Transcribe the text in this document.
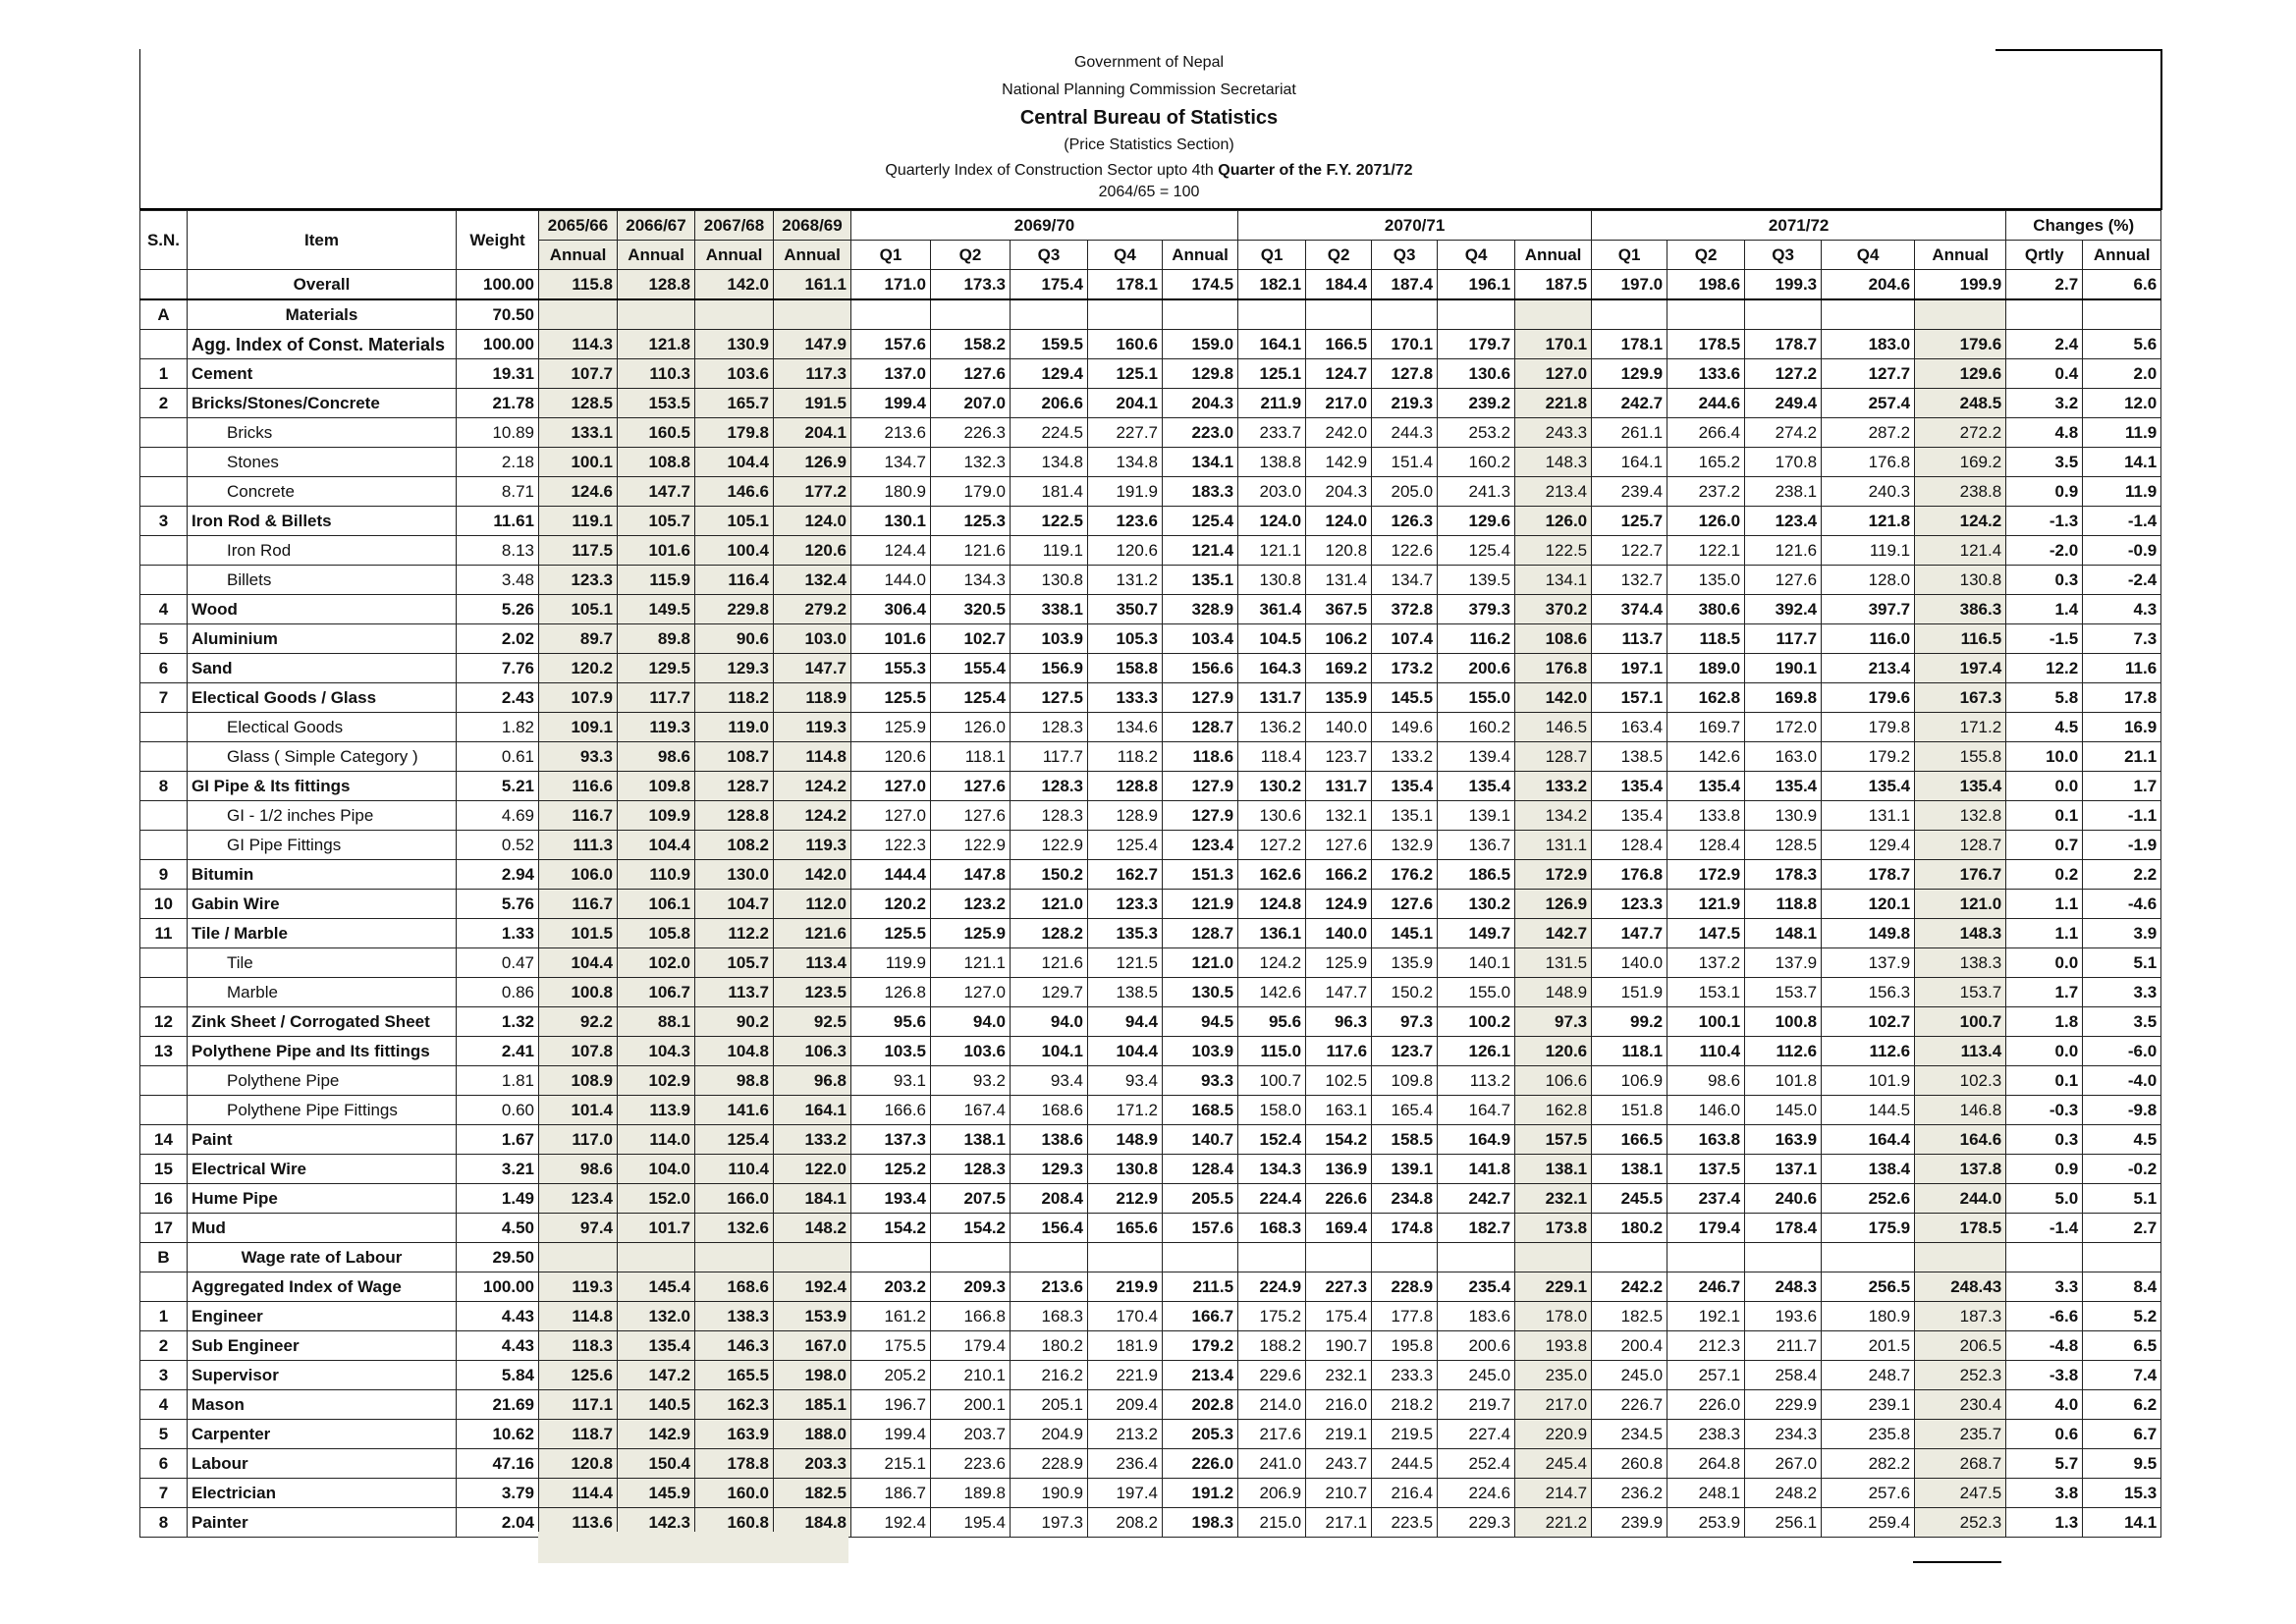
Government of Nepal
National Planning Commission Secretariat
Central Bureau of Statistics
(Price Statistics Section)
Quarterly Index of Construction Sector upto 4th Quarter of the F.Y. 2071/72
2064/65 = 100
S.N.	Item	Weight	2065/66	2066/67	2067/68	2068/69	2069/70					2070/71					2071/72					Changes (%)	
			Annual	Annual	Annual	Annual	Q1	Q2	Q3	Q4	Annual	Q1	Q2	Q3	Q4	Annual	Q1	Q2	Q3	Q4	Annual	Qrtly	Annual
	Overall	100.00	115.8	128.8	142.0	161.1	171.0	173.3	175.4	178.1	174.5	182.1	184.4	187.4	196.1	187.5	197.0	198.6	199.3	204.6	199.9	2.7	6.6
A	Materials	70.50																					
	Agg. Index of Const. Materials	100.00	114.3	121.8	130.9	147.9	157.6	158.2	159.5	160.6	159.0	164.1	166.5	170.1	179.7	170.1	178.1	178.5	178.7	183.0	179.6	2.4	5.6
1	Cement	19.31	107.7	110.3	103.6	117.3	137.0	127.6	129.4	125.1	129.8	125.1	124.7	127.8	130.6	127.0	129.9	133.6	127.2	127.7	129.6	0.4	2.0
2	Bricks/Stones/Concrete	21.78	128.5	153.5	165.7	191.5	199.4	207.0	206.6	204.1	204.3	211.9	217.0	219.3	239.2	221.8	242.7	244.6	249.4	257.4	248.5	3.2	12.0
	Bricks	10.89	133.1	160.5	179.8	204.1	213.6	226.3	224.5	227.7	223.0	233.7	242.0	244.3	253.2	243.3	261.1	266.4	274.2	287.2	272.2	4.8	11.9
	Stones	2.18	100.1	108.8	104.4	126.9	134.7	132.3	134.8	134.8	134.1	138.8	142.9	151.4	160.2	148.3	164.1	165.2	170.8	176.8	169.2	3.5	14.1
	Concrete	8.71	124.6	147.7	146.6	177.2	180.9	179.0	181.4	191.9	183.3	203.0	204.3	205.0	241.3	213.4	239.4	237.2	238.1	240.3	238.8	0.9	11.9
3	Iron Rod & Billets	11.61	119.1	105.7	105.1	124.0	130.1	125.3	122.5	123.6	125.4	124.0	124.0	126.3	129.6	126.0	125.7	126.0	123.4	121.8	124.2	-1.3	-1.4
	Iron Rod	8.13	117.5	101.6	100.4	120.6	124.4	121.6	119.1	120.6	121.4	121.1	120.8	122.6	125.4	122.5	122.7	122.1	121.6	119.1	121.4	-2.0	-0.9
	Billets	3.48	123.3	115.9	116.4	132.4	144.0	134.3	130.8	131.2	135.1	130.8	131.4	134.7	139.5	134.1	132.7	135.0	127.6	128.0	130.8	0.3	-2.4
4	Wood	5.26	105.1	149.5	229.8	279.2	306.4	320.5	338.1	350.7	328.9	361.4	367.5	372.8	379.3	370.2	374.4	380.6	392.4	397.7	386.3	1.4	4.3
5	Aluminium	2.02	89.7	89.8	90.6	103.0	101.6	102.7	103.9	105.3	103.4	104.5	106.2	107.4	116.2	108.6	113.7	118.5	117.7	116.0	116.5	-1.5	7.3
6	Sand	7.76	120.2	129.5	129.3	147.7	155.3	155.4	156.9	158.8	156.6	164.3	169.2	173.2	200.6	176.8	197.1	189.0	190.1	213.4	197.4	12.2	11.6
7	Electical Goods / Glass	2.43	107.9	117.7	118.2	118.9	125.5	125.4	127.5	133.3	127.9	131.7	135.9	145.5	155.0	142.0	157.1	162.8	169.8	179.6	167.3	5.8	17.8
	Electical Goods	1.82	109.1	119.3	119.0	119.3	125.9	126.0	128.3	134.6	128.7	136.2	140.0	149.6	160.2	146.5	163.4	169.7	172.0	179.8	171.2	4.5	16.9
	Glass ( Simple Category )	0.61	93.3	98.6	108.7	114.8	120.6	118.1	117.7	118.2	118.6	118.4	123.7	133.2	139.4	128.7	138.5	142.6	163.0	179.2	155.8	10.0	21.1
8	GI Pipe & Its fittings	5.21	116.6	109.8	128.7	124.2	127.0	127.6	128.3	128.8	127.9	130.2	131.7	135.4	135.4	133.2	135.4	135.4	135.4	135.4	135.4	0.0	1.7
	GI - 1/2 inches Pipe	4.69	116.7	109.9	128.8	124.2	127.0	127.6	128.3	128.9	127.9	130.6	132.1	135.1	139.1	134.2	135.4	133.8	130.9	131.1	132.8	0.1	-1.1
	GI Pipe Fittings	0.52	111.3	104.4	108.2	119.3	122.3	122.9	122.9	125.4	123.4	127.2	127.6	132.9	136.7	131.1	128.4	128.4	128.5	129.4	128.7	0.7	-1.9
9	Bitumin	2.94	106.0	110.9	130.0	142.0	144.4	147.8	150.2	162.7	151.3	162.6	166.2	176.2	186.5	172.9	176.8	172.9	178.3	178.7	176.7	0.2	2.2
10	Gabin Wire	5.76	116.7	106.1	104.7	112.0	120.2	123.2	121.0	123.3	121.9	124.8	124.9	127.6	130.2	126.9	123.3	121.9	118.8	120.1	121.0	1.1	-4.6
11	Tile / Marble	1.33	101.5	105.8	112.2	121.6	125.5	125.9	128.2	135.3	128.7	136.1	140.0	145.1	149.7	142.7	147.7	147.5	148.1	149.8	148.3	1.1	3.9
	Tile	0.47	104.4	102.0	105.7	113.4	119.9	121.1	121.6	121.5	121.0	124.2	125.9	135.9	140.1	131.5	140.0	137.2	137.9	137.9	138.3	0.0	5.1
	Marble	0.86	100.8	106.7	113.7	123.5	126.8	127.0	129.7	138.5	130.5	142.6	147.7	150.2	155.0	148.9	151.9	153.1	153.7	156.3	153.7	1.7	3.3
12	Zink Sheet / Corrogated Sheet	1.32	92.2	88.1	90.2	92.5	95.6	94.0	94.0	94.4	94.5	95.6	96.3	97.3	100.2	97.3	99.2	100.1	100.8	102.7	100.7	1.8	3.5
13	Polythene Pipe and Its fittings	2.41	107.8	104.3	104.8	106.3	103.5	103.6	104.1	104.4	103.9	115.0	117.6	123.7	126.1	120.6	118.1	110.4	112.6	112.6	113.4	0.0	-6.0
	Polythene Pipe	1.81	108.9	102.9	98.8	96.8	93.1	93.2	93.4	93.4	93.3	100.7	102.5	109.8	113.2	106.6	106.9	98.6	101.8	101.9	102.3	0.1	-4.0
	Polythene Pipe Fittings	0.60	101.4	113.9	141.6	164.1	166.6	167.4	168.6	171.2	168.5	158.0	163.1	165.4	164.7	162.8	151.8	146.0	145.0	144.5	146.8	-0.3	-9.8
14	Paint	1.67	117.0	114.0	125.4	133.2	137.3	138.1	138.6	148.9	140.7	152.4	154.2	158.5	164.9	157.5	166.5	163.8	163.9	164.4	164.6	0.3	4.5
15	Electrical Wire	3.21	98.6	104.0	110.4	122.0	125.2	128.3	129.3	130.8	128.4	134.3	136.9	139.1	141.8	138.1	138.1	137.5	137.1	138.4	137.8	0.9	-0.2
16	Hume Pipe	1.49	123.4	152.0	166.0	184.1	193.4	207.5	208.4	212.9	205.5	224.4	226.6	234.8	242.7	232.1	245.5	237.4	240.6	252.6	244.0	5.0	5.1
17	Mud	4.50	97.4	101.7	132.6	148.2	154.2	154.2	156.4	165.6	157.6	168.3	169.4	174.8	182.7	173.8	180.2	179.4	178.4	175.9	178.5	-1.4	2.7
B	Wage rate of Labour	29.50																					
	Aggregated Index of Wage	100.00	119.3	145.4	168.6	192.4	203.2	209.3	213.6	219.9	211.5	224.9	227.3	228.9	235.4	229.1	242.2	246.7	248.3	256.5	248.43	3.3	8.4
1	Engineer	4.43	114.8	132.0	138.3	153.9	161.2	166.8	168.3	170.4	166.7	175.2	175.4	177.8	183.6	178.0	182.5	192.1	193.6	180.9	187.3	-6.6	5.2
2	Sub Engineer	4.43	118.3	135.4	146.3	167.0	175.5	179.4	180.2	181.9	179.2	188.2	190.7	195.8	200.6	193.8	200.4	212.3	211.7	201.5	206.5	-4.8	6.5
3	Supervisor	5.84	125.6	147.2	165.5	198.0	205.2	210.1	216.2	221.9	213.4	229.6	232.1	233.3	245.0	235.0	245.0	257.1	258.4	248.7	252.3	-3.8	7.4
4	Mason	21.69	117.1	140.5	162.3	185.1	196.7	200.1	205.1	209.4	202.8	214.0	216.0	218.2	219.7	217.0	226.7	226.0	229.9	239.1	230.4	4.0	6.2
5	Carpenter	10.62	118.7	142.9	163.9	188.0	199.4	203.7	204.9	213.2	205.3	217.6	219.1	219.5	227.4	220.9	234.5	238.3	234.3	235.8	235.7	0.6	6.7
6	Labour	47.16	120.8	150.4	178.8	203.3	215.1	223.6	228.9	236.4	226.0	241.0	243.7	244.5	252.4	245.4	260.8	264.8	267.0	282.2	268.7	5.7	9.5
7	Electrician	3.79	114.4	145.9	160.0	182.5	186.7	189.8	190.9	197.4	191.2	206.9	210.7	216.4	224.6	214.7	236.2	248.1	248.2	257.6	247.5	3.8	15.3
8	Painter	2.04	113.6	142.3	160.8	184.8	192.4	195.4	197.3	208.2	198.3	215.0	217.1	223.5	229.3	221.2	239.9	253.9	256.1	259.4	252.3	1.3	14.1
